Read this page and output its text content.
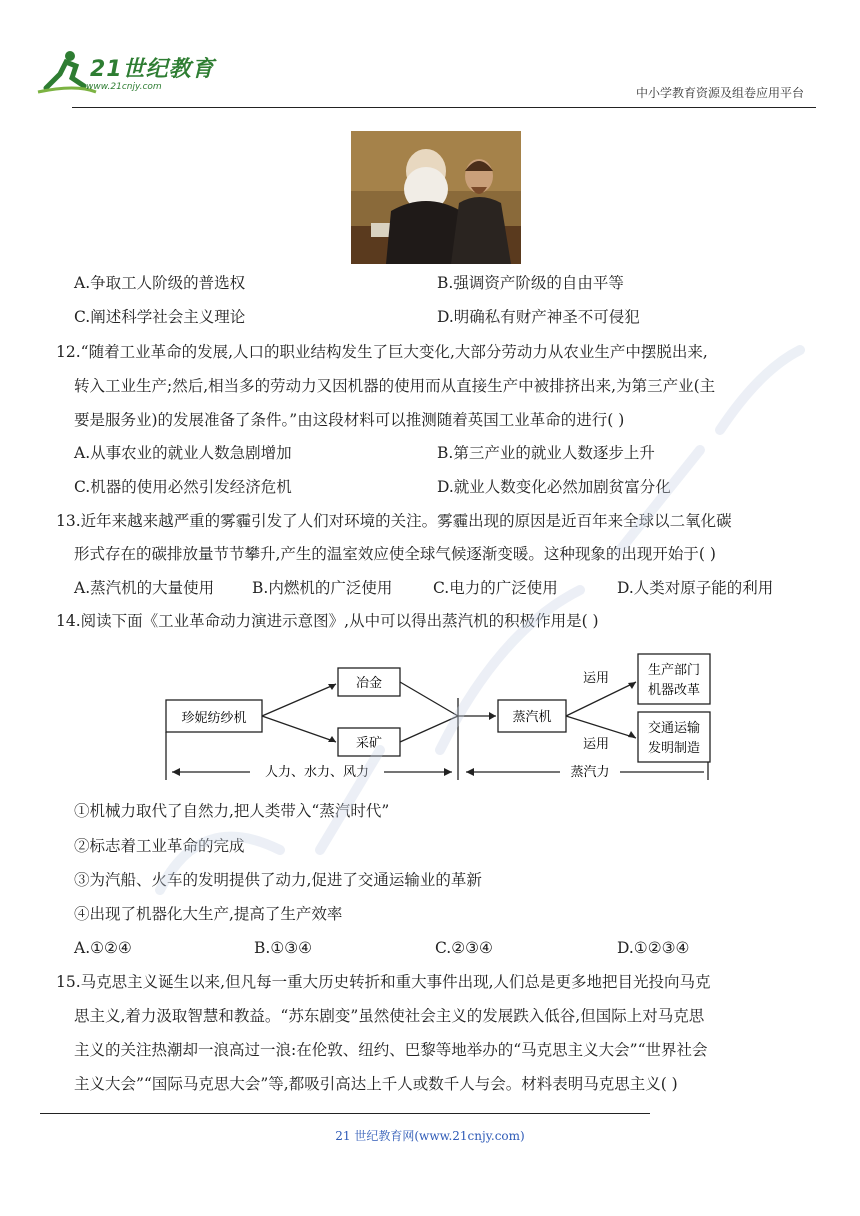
21世纪教育
www.21cnjy.com	中小学教育资源及组卷应用平台
A.争取工人阶级的普选权	B.强调资产阶级的自由平等
C.阐述科学社会主义理论	D.明确私有财产神圣不可侵犯
12.“随着工业革命的发展,人口的职业结构发生了巨大变化,大部分劳动力从农业生产中摆脱出来,
转入工业生产;然后,相当多的劳动力又因机器的使用而从直接生产中被排挤出来,为第三产业(主
要是服务业)的发展准备了条件。”由这段材料可以推测随着英国工业革命的进行( )
A.从事农业的就业人数急剧增加	B.第三产业的就业人数逐步上升
C.机器的使用必然引发经济危机	D.就业人数变化必然加剧贫富分化
13.近年来越来越严重的雾霾引发了人们对环境的关注。雾霾出现的原因是近百年来全球以二氧化碳
形式存在的碳排放量节节攀升,产生的温室效应使全球气候逐渐变暖。这种现象的出现开始于( )
A.蒸汽机的大量使用 B.内燃机的广泛使用	C.电力的广泛使用	D.人类对原子能的利用
14.阅读下面《工业革命动力演进示意图》,从中可以得出蒸汽机的积极作用是( )
珍妮纺纱机
冶金
采矿
蒸汽机
运用
运用
生产部门
机器改革
交通运输
发明制造
人力、水力、风力	蒸汽力
①机械力取代了自然力,把人类带入“蒸汽时代”
②标志着工业革命的完成
③为汽船、火车的发明提供了动力,促进了交通运输业的革新
④出现了机器化大生产,提高了生产效率
A.①②④	B.①③④	C.②③④	D.①②③④
15.马克思主义诞生以来,但凡每一重大历史转折和重大事件出现,人们总是更多地把目光投向马克
思主义,着力汲取智慧和教益。“苏东剧变”虽然使社会主义的发展跌入低谷,但国际上对马克思
主义的关注热潮却一浪高过一浪:在伦敦、纽约、巴黎等地举办的“马克思主义大会”“世界社会
主义大会”“国际马克思大会”等,都吸引高达上千人或数千人与会。材料表明马克思主义( )
21 世纪教育网(www.21cnjy.com)
